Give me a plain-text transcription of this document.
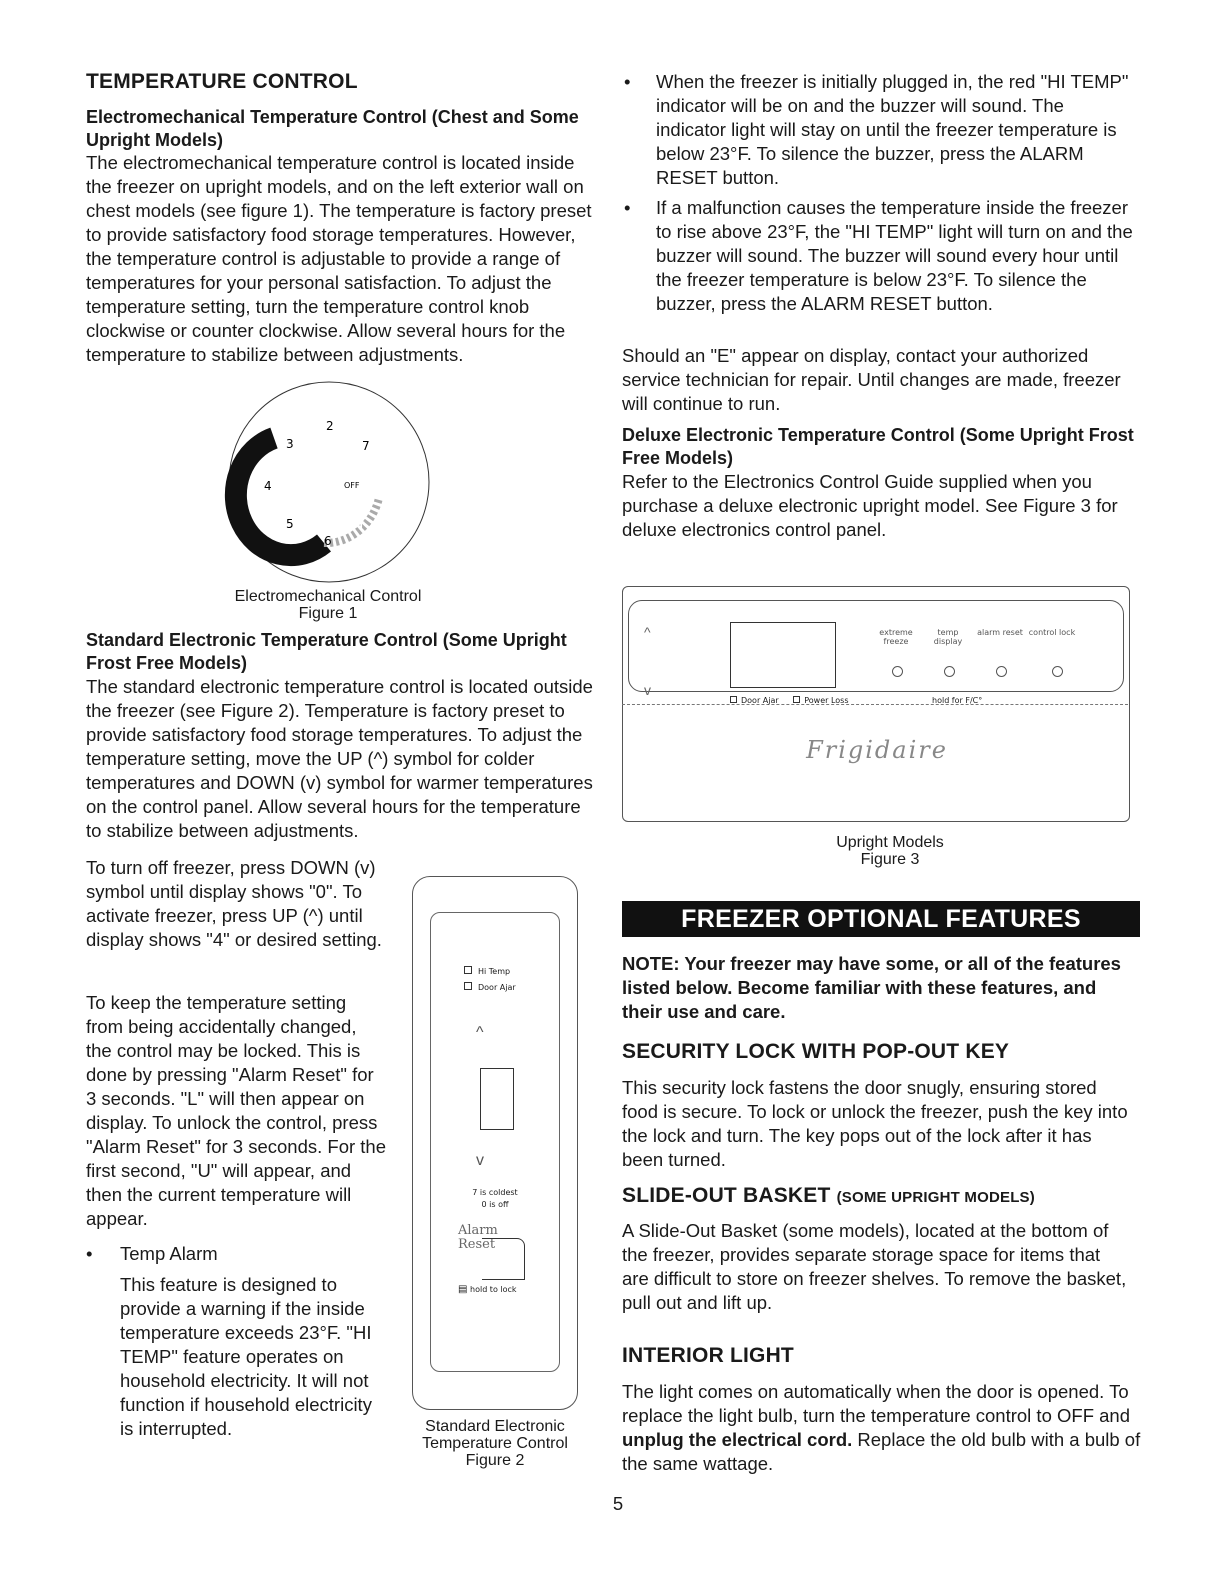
TEMPERATURE CONTROL
Electromechanical Temperature Control (Chest and Some Upright Models)

The electromechanical temperature control is located inside the freezer on upright models, and on the left exterior wall on chest models (see figure 1). The temperature is factory preset to provide satisfactory food storage temperatures. However, the temperature control is adjustable to provide a range of temperatures for your personal satisfaction. To adjust the temperature setting, turn the temperature control knob clockwise or counter clockwise. Allow several hours for the temperature to stabilize between adjustments.

2
3
4
5
6
7
OFF
COLDEST
Electromechanical Control
Figure 1
Standard Electronic Temperature Control (Some Upright Frost Free Models)

The standard electronic temperature control is located outside the freezer (see Figure 2). Temperature is factory preset to provide satisfactory food storage temperatures. To adjust the temperature setting, move the UP (^) symbol for colder temperatures and DOWN (v) symbol for warmer temperatures on the control panel. Allow several hours for the temperature to stabilize between adjustments.

To turn off freezer, press DOWN (v) symbol until display shows "0". To activate freezer, press UP (^) until display shows "4" or desired setting.

To keep the temperature setting from being accidentally changed, the control may be locked. This is done by pressing "Alarm Reset" for 3 seconds. "L" will then appear on display. To unlock the control, press "Alarm Reset" for 3 seconds. For the first second, "U" will appear, and then the current temperature will appear.

• Temp Alarm

This feature is designed to provide a warning if the inside temperature exceeds 23°F. "HI TEMP" feature operates on household electricity. It will not function if household electricity is interrupted.

Hi Temp
Door Ajar
^
v
7 is coldest
0 is off
Alarm
Reset
▤ hold to lock
Standard Electronic
Temperature Control
Figure 2
• When the freezer is initially plugged in, the red "HI TEMP" indicator will be on and the buzzer will sound. The indicator light will stay on until the freezer temperature is below 23°F. To silence the buzzer, press the ALARM RESET button.

• If a malfunction causes the temperature inside the freezer to rise above 23°F, the "HI TEMP" light will turn on and the buzzer will sound. The buzzer will sound every hour until the freezer temperature is below 23°F. To silence the buzzer, press the ALARM RESET button.

Should an "E" appear on display, contact your authorized service technician for repair. Until changes are made, freezer will continue to run.

Deluxe Electronic Temperature Control (Some Upright Frost Free Models)

Refer to the Electronics Control Guide supplied when you purchase a deluxe electronic upright model. See Figure 3 for deluxe electronics control panel.

^
v
Door Ajar	Power Loss
extreme freeze
temp display
alarm reset control lock
hold for F/C°
Frigidaire
Upright Models
Figure 3
FREEZER OPTIONAL FEATURES
NOTE: Your freezer may have some, or all of the features listed below. Become familiar with these features, and their use and care.
SECURITY LOCK WITH POP-OUT KEY

This security lock fastens the door snugly, ensuring stored food is secure. To lock or unlock the freezer, push the key into the lock and turn. The key pops out of the lock after it has been turned.

SLIDE-OUT BASKET (SOME UPRIGHT MODELS)

A Slide-Out Basket (some models), located at the bottom of the freezer, provides separate storage space for items that are difficult to store on freezer shelves. To remove the basket, pull out and lift up.

INTERIOR LIGHT

The light comes on automatically when the door is opened. To replace the light bulb, turn the temperature control to OFF and unplug the electrical cord. Replace the old bulb with a bulb of the same wattage.

5
